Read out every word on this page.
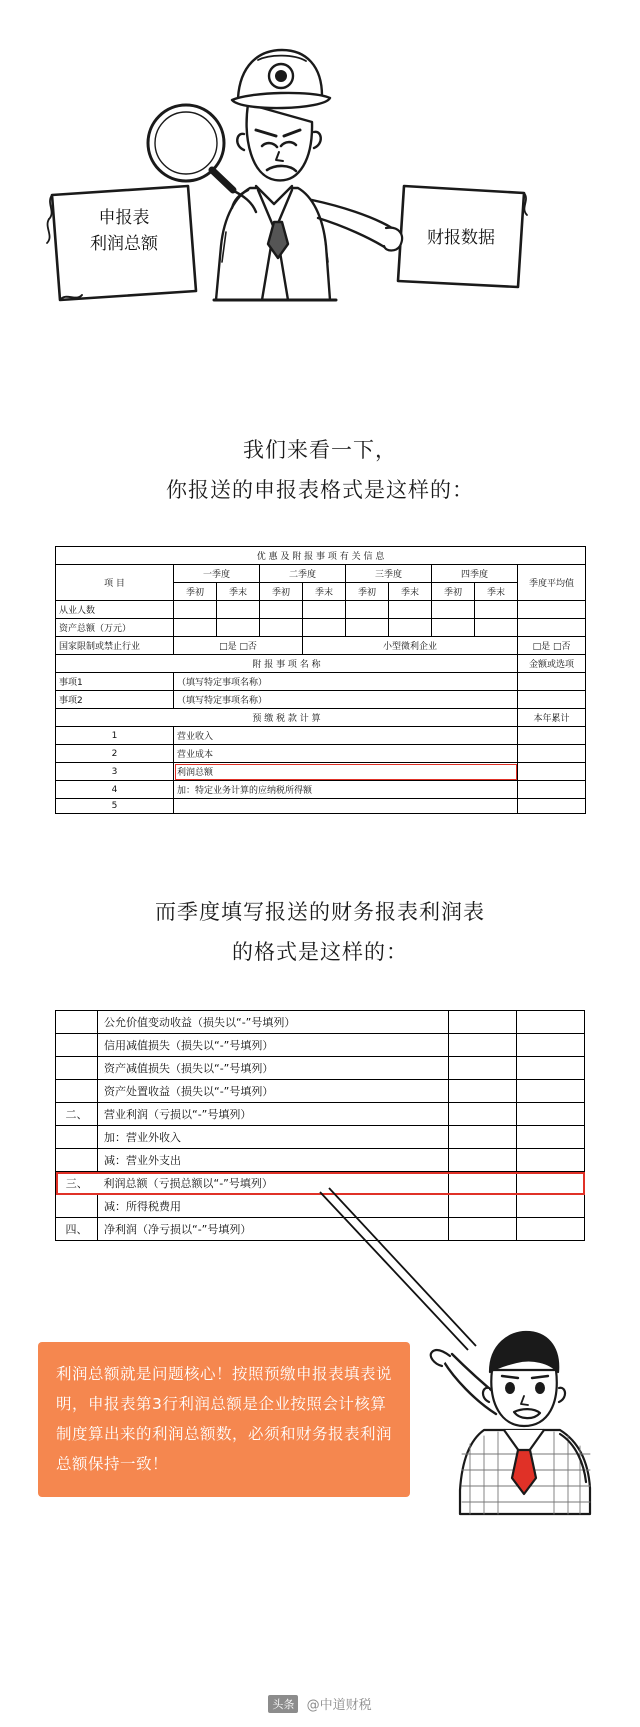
申报表
利润总额	财报数据
我们来看一下，
你报送的申报表格式是这样的：
优 惠 及 附 报 事 项 有 关 信 息									
项 目	一季度		二季度		三季度		四季度		季度平均值
	季初	季末	季初	季末	季初	季末	季初	季末	
从业人数									
资产总额（万元）									
国家限制或禁止行业	□是 □否			小型微利企业					□是 □否
附 报 事 项 名 称									金额或选项
事项1	（填写特定事项名称）								
事项2	（填写特定事项名称）								
预 缴 税 款 计 算									本年累计
1	营业收入								
2	营业成本								
3	利润总额								
4	加：特定业务计算的应纳税所得额								
5									
而季度填写报送的财务报表利润表
的格式是这样的：
	公允价值变动收益（损失以“-”号填列）		
	信用减值损失（损失以“-”号填列）		
	资产减值损失（损失以“-”号填列）		
	资产处置收益（损失以“-”号填列）		
二、	营业利润（亏损以“-”号填列）		
	加：营业外收入		
	减：营业外支出		
三、	利润总额（亏损总额以“-”号填列）		
	减：所得税费用		
四、	净利润（净亏损以“-”号填列）		
利润总额就是问题核心！按照预缴申报表填表说明，申报表第3行利润总额是企业按照会计核算制度算出来的利润总额数，必须和财务报表利润总额保持一致！
头条 @中道财税
